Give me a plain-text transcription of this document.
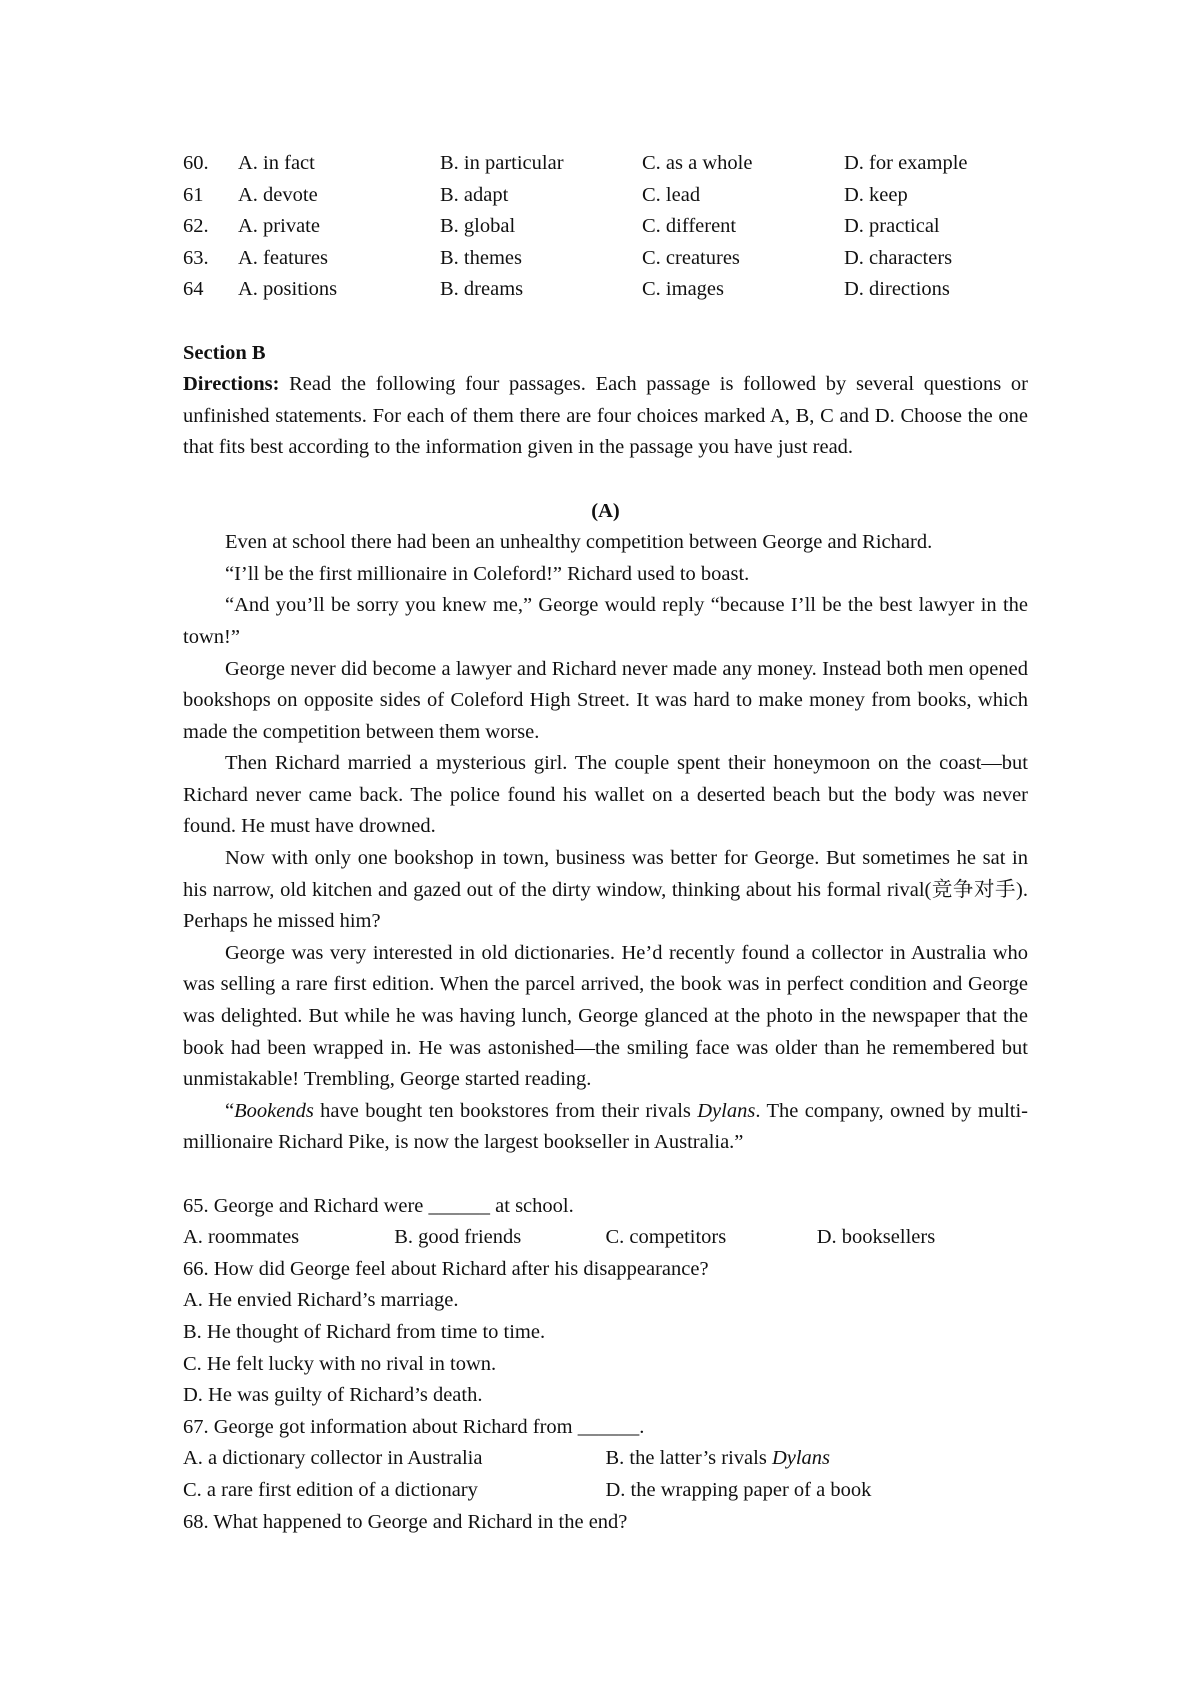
60.	A. in fact	B. in particular	C. as a whole	D. for example
61	A. devote	B. adapt	C. lead	D. keep
62.	A. private	B. global	C. different	D. practical
63.	A. features	B. themes	C. creatures	D. characters
64	A. positions	B. dreams	C. images	D. directions
Section B

Directions: Read the following four passages. Each passage is followed by several questions or unfinished statements. For each of them there are four choices marked A, B, C and D. Choose the one that fits best according to the information given in the passage you have just read.

(A)

Even at school there had been an unhealthy competition between George and Richard.

“I’ll be the first millionaire in Coleford!” Richard used to boast.

“And you’ll be sorry you knew me,” George would reply “because I’ll be the best lawyer in the town!”

George never did become a lawyer and Richard never made any money. Instead both men opened bookshops on opposite sides of Coleford High Street. It was hard to make money from books, which made the competition between them worse.

Then Richard married a mysterious girl. The couple spent their honeymoon on the coast—but Richard never came back. The police found his wallet on a deserted beach but the body was never found. He must have drowned.

Now with only one bookshop in town, business was better for George. But sometimes he sat in his narrow, old kitchen and gazed out of the dirty window, thinking about his formal rival(竞争对手). Perhaps he missed him?

George was very interested in old dictionaries. He’d recently found a collector in Australia who was selling a rare first edition. When the parcel arrived, the book was in perfect condition and George was delighted. But while he was having lunch, George glanced at the photo in the newspaper that the book had been wrapped in. He was astonished—the smiling face was older than he remembered but unmistakable! Trembling, George started reading.

“Bookends have bought ten bookstores from their rivals Dylans. The company, owned by multi-millionaire Richard Pike, is now the largest bookseller in Australia.”

65. George and Richard were ______ at school.
A. roommates	B. good friends	C. competitors	D. booksellers
66. How did George feel about Richard after his disappearance?
A. He envied Richard’s marriage.
B. He thought of Richard from time to time.
C. He felt lucky with no rival in town.
D. He was guilty of Richard’s death.
67. George got information about Richard from ______.
A. a dictionary collector in Australia	B. the latter’s rivals Dylans
C. a rare first edition of a dictionary	D. the wrapping paper of a book
68. What happened to George and Richard in the end?
